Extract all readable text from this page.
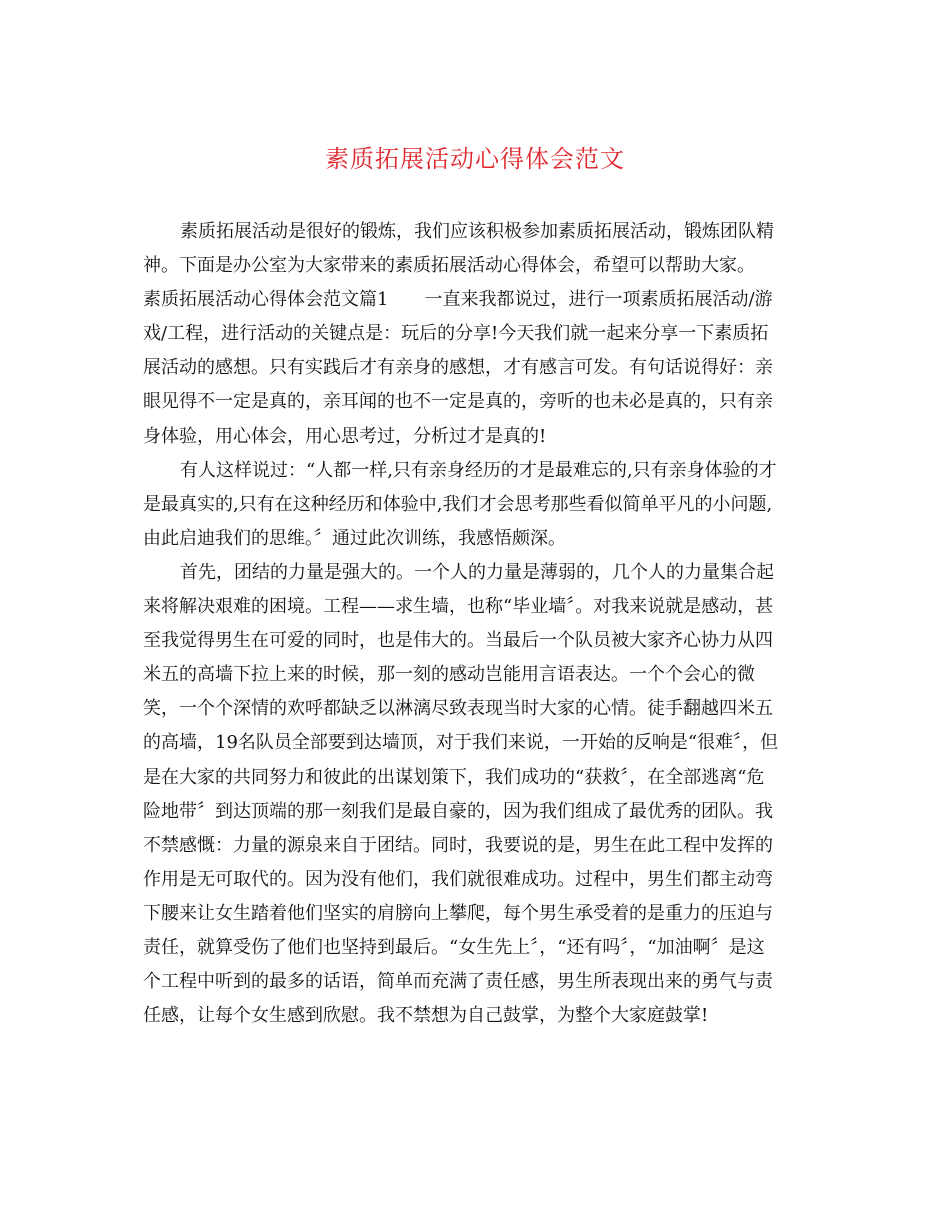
素质拓展活动心得体会范文
素质拓展活动是很好的锻炼，我们应该积极参加素质拓展活动，锻炼团队精
神。下面是办公室为大家带来的素质拓展活动心得体会，希望可以帮助大家。
素质拓展活动心得体会范文篇1　　一直来我都说过，进行一项素质拓展活动/游
戏/工程，进行活动的关键点是：玩后的分享!今天我们就一起来分享一下素质拓
展活动的感想。只有实践后才有亲身的感想，才有感言可发。有句话说得好：亲
眼见得不一定是真的，亲耳闻的也不一定是真的，旁听的也未必是真的，只有亲
身体验，用心体会，用心思考过，分析过才是真的!
有人这样说过：“人都一样,只有亲身经历的才是最难忘的,只有亲身体验的才
是最真实的,只有在这种经历和体验中,我们才会思考那些看似简单平凡的小问题,
由此启迪我们的思维。〞通过此次训练，我感悟颇深。
首先，团结的力量是强大的。一个人的力量是薄弱的，几个人的力量集合起
来将解决艰难的困境。工程——求生墙，也称“毕业墙〞。对我来说就是感动，甚
至我觉得男生在可爱的同时，也是伟大的。当最后一个队员被大家齐心协力从四
米五的高墙下拉上来的时候，那一刻的感动岂能用言语表达。一个个会心的微
笑，一个个深情的欢呼都缺乏以淋漓尽致表现当时大家的心情。徒手翻越四米五
的高墙，19名队员全部要到达墙顶，对于我们来说，一开始的反响是“很难〞，但
是在大家的共同努力和彼此的出谋划策下，我们成功的“获救〞，在全部逃离“危
险地带〞到达顶端的那一刻我们是最自豪的，因为我们组成了最优秀的团队。我
不禁感慨：力量的源泉来自于团结。同时，我要说的是，男生在此工程中发挥的
作用是无可取代的。因为没有他们，我们就很难成功。过程中，男生们都主动弯
下腰来让女生踏着他们坚实的肩膀向上攀爬，每个男生承受着的是重力的压迫与
责任，就算受伤了他们也坚持到最后。“女生先上〞，“还有吗〞，“加油啊〞是这
个工程中听到的最多的话语，简单而充满了责任感，男生所表现出来的勇气与责
任感，让每个女生感到欣慰。我不禁想为自己鼓掌，为整个大家庭鼓掌!
